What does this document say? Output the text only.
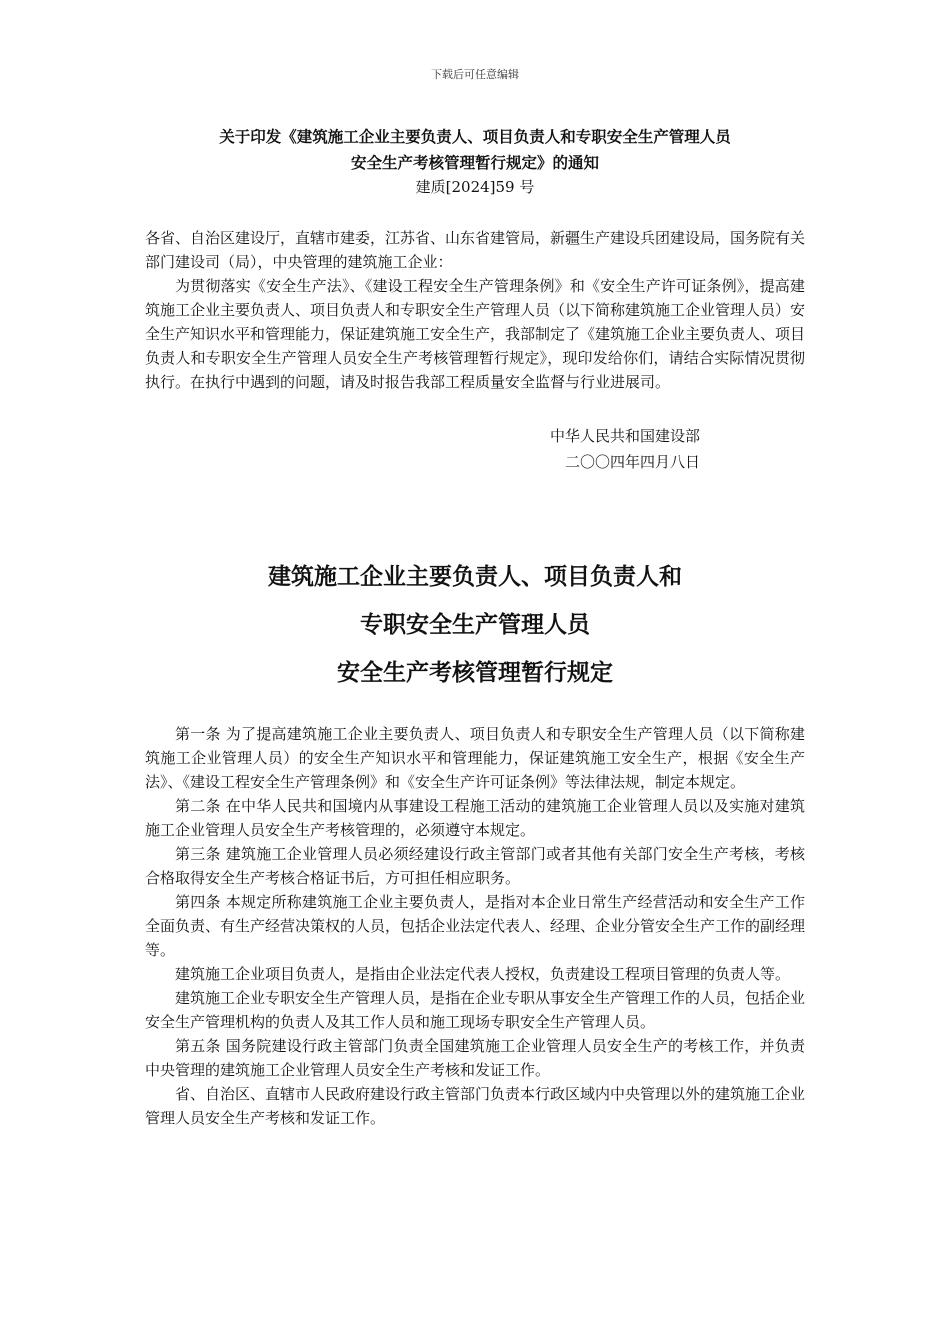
下载后可任意编辑
关于印发《建筑施工企业主要负责人、项目负责人和专职安全生产管理人员
安全生产考核管理暂行规定》的通知
建质[2024]59 号

各省、自治区建设厅，直辖市建委，江苏省、山东省建管局，新疆生产建设兵团建设局，国务院有关部门建设司（局），中央管理的建筑施工企业：

为贯彻落实《安全生产法》、《建设工程安全生产管理条例》和《安全生产许可证条例》，提高建筑施工企业主要负责人、项目负责人和专职安全生产管理人员（以下简称建筑施工企业管理人员）安全生产知识水平和管理能力，保证建筑施工安全生产，我部制定了《建筑施工企业主要负责人、项目负责人和专职安全生产管理人员安全生产考核管理暂行规定》，现印发给你们，请结合实际情况贯彻执行。在执行中遇到的问题，请及时报告我部工程质量安全监督与行业进展司。

中华人民共和国建设部
二〇〇四年四月八日
建筑施工企业主要负责人、项目负责人和
专职安全生产管理人员
安全生产考核管理暂行规定

第一条 为了提高建筑施工企业主要负责人、项目负责人和专职安全生产管理人员（以下简称建筑施工企业管理人员）的安全生产知识水平和管理能力，保证建筑施工安全生产，根据《安全生产法》、《建设工程安全生产管理条例》和《安全生产许可证条例》等法律法规，制定本规定。

第二条 在中华人民共和国境内从事建设工程施工活动的建筑施工企业管理人员以及实施对建筑施工企业管理人员安全生产考核管理的，必须遵守本规定。

第三条 建筑施工企业管理人员必须经建设行政主管部门或者其他有关部门安全生产考核，考核合格取得安全生产考核合格证书后，方可担任相应职务。

第四条 本规定所称建筑施工企业主要负责人，是指对本企业日常生产经营活动和安全生产工作全面负责、有生产经营决策权的人员，包括企业法定代表人、经理、企业分管安全生产工作的副经理等。

建筑施工企业项目负责人，是指由企业法定代表人授权，负责建设工程项目管理的负责人等。

建筑施工企业专职安全生产管理人员，是指在企业专职从事安全生产管理工作的人员，包括企业安全生产管理机构的负责人及其工作人员和施工现场专职安全生产管理人员。

第五条 国务院建设行政主管部门负责全国建筑施工企业管理人员安全生产的考核工作，并负责中央管理的建筑施工企业管理人员安全生产考核和发证工作。

省、自治区、直辖市人民政府建设行政主管部门负责本行政区域内中央管理以外的建筑施工企业管理人员安全生产考核和发证工作。
